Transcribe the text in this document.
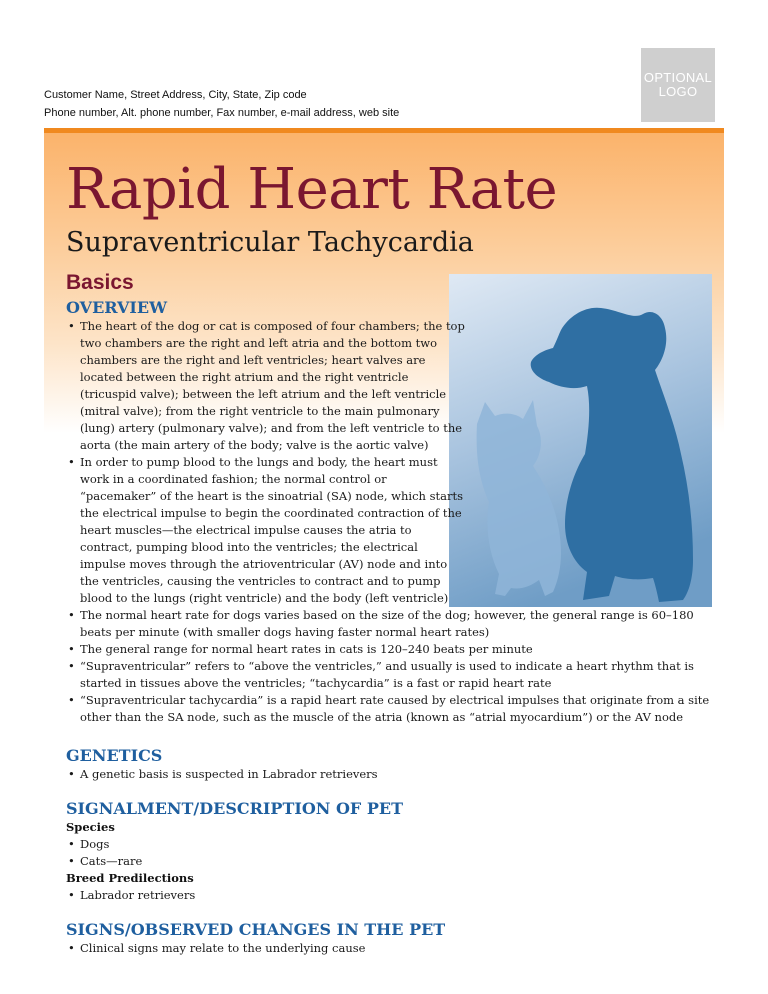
Customer Name, Street Address, City, State, Zip code
Phone number, Alt. phone number, Fax number, e-mail address, web site
OPTIONAL
LOGO
Rapid Heart Rate
Supraventricular Tachycardia
Basics
OVERVIEW
• The heart of the dog or cat is composed of four chambers; the top two chambers are the right and left atria and the bottom two chambers are the right and left ventricles; heart valves are located between the right atrium and the right ventricle (tricuspid valve); between the left atrium and the left ventricle (mitral valve); from the right ventricle to the main pulmonary (lung) artery (pulmonary valve); and from the left ventricle to the aorta (the main artery of the body; valve is the aortic valve)
• In order to pump blood to the lungs and body, the heart must work in a coordinated fashion; the normal control or “pacemaker” of the heart is the sinoatrial (SA) node, which starts the electrical impulse to begin the coordinated contraction of the heart muscles—the electrical impulse causes the atria to contract, pumping blood into the ventricles; the electrical impulse moves through the atrioventricular (AV) node and into the ventricles, causing the ventricles to contract and to pump blood to the lungs (right ventricle) and the body (left ventricle)
• The normal heart rate for dogs varies based on the size of the dog; however, the general range is 60–180 beats per minute (with smaller dogs having faster normal heart rates)
• The general range for normal heart rates in cats is 120–240 beats per minute
• “Supraventricular” refers to “above the ventricles,” and usually is used to indicate a heart rhythm that is started in tissues above the ventricles; “tachycardia” is a fast or rapid heart rate
• “Supraventricular tachycardia” is a rapid heart rate caused by electrical impulses that originate from a site other than the SA node, such as the muscle of the atria (known as “atrial myocardium”) or the AV node
GENETICS
• A genetic basis is suspected in Labrador retrievers
SIGNALMENT/DESCRIPTION OF PET
Species
• Dogs
• Cats—rare
Breed Predilections
• Labrador retrievers
SIGNS/OBSERVED CHANGES IN THE PET
• Clinical signs may relate to the underlying cause
